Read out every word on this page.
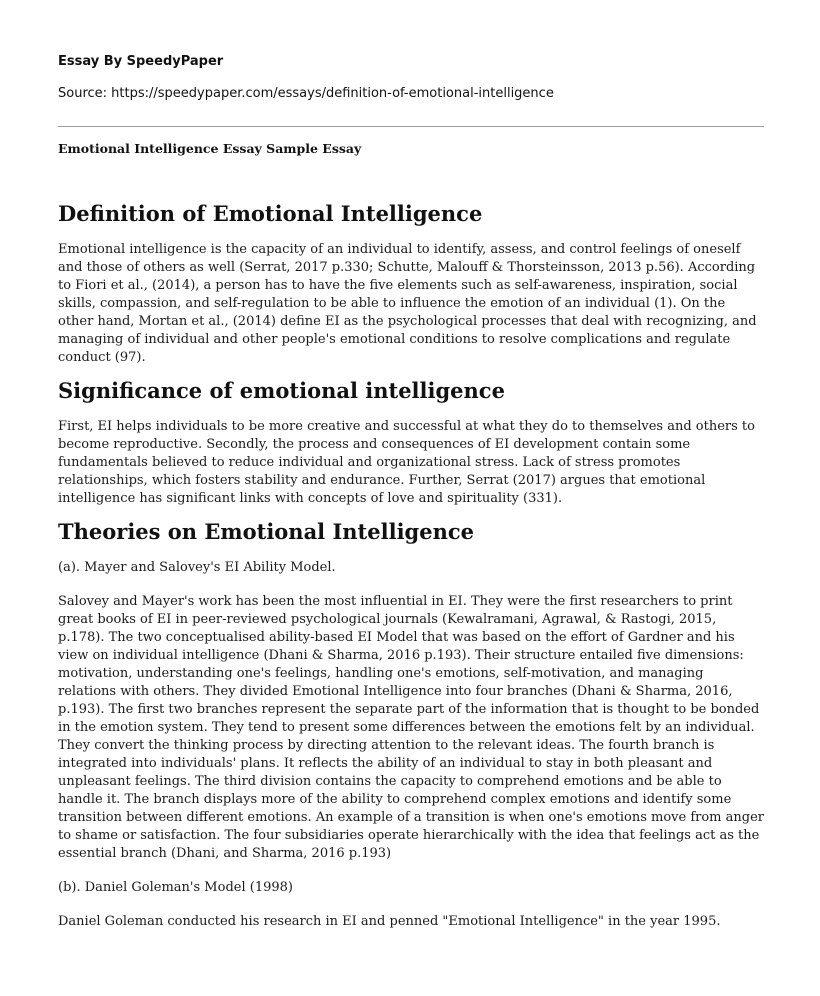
Essay By SpeedyPaper
Source: https://speedypaper.com/essays/definition-of-emotional-intelligence
Emotional Intelligence Essay Sample Essay
Definition of Emotional Intelligence

Emotional intelligence is the capacity of an individual to identify, assess, and control feelings of oneself and those of others as well (Serrat, 2017 p.330; Schutte, Malouff & Thorsteinsson, 2013 p.56). According to Fiori et al., (2014), a person has to have the five elements such as self-awareness, inspiration, social skills, compassion, and self-regulation to be able to influence the emotion of an individual (1). On the other hand, Mortan et al., (2014) define EI as the psychological processes that deal with recognizing, and managing of individual and other people's emotional conditions to resolve complications and regulate conduct (97).

Significance of emotional intelligence

First, EI helps individuals to be more creative and successful at what they do to themselves and others to become reproductive. Secondly, the process and consequences of EI development contain some fundamentals believed to reduce individual and organizational stress. Lack of stress promotes relationships, which fosters stability and endurance. Further, Serrat (2017) argues that emotional intelligence has significant links with concepts of love and spirituality (331).

Theories on Emotional Intelligence

(a). Mayer and Salovey's EI Ability Model.

Salovey and Mayer's work has been the most influential in EI. They were the first researchers to print great books of EI in peer-reviewed psychological journals (Kewalramani, Agrawal, & Rastogi, 2015, p.178). The two conceptualised ability-based EI Model that was based on the effort of Gardner and his view on individual intelligence (Dhani & Sharma, 2016 p.193). Their structure entailed five dimensions: motivation, understanding one's feelings, handling one's emotions, self-motivation, and managing relations with others. They divided Emotional Intelligence into four branches (Dhani & Sharma, 2016, p.193). The first two branches represent the separate part of the information that is thought to be bonded in the emotion system. They tend to present some differences between the emotions felt by an individual. They convert the thinking process by directing attention to the relevant ideas. The fourth branch is integrated into individuals' plans. It reflects the ability of an individual to stay in both pleasant and unpleasant feelings. The third division contains the capacity to comprehend emotions and be able to handle it. The branch displays more of the ability to comprehend complex emotions and identify some transition between different emotions. An example of a transition is when one's emotions move from anger to shame or satisfaction. The four subsidiaries operate hierarchically with the idea that feelings act as the essential branch (Dhani, and Sharma, 2016 p.193)

(b). Daniel Goleman's Model (1998)

Daniel Goleman conducted his research in EI and penned "Emotional Intelligence" in the year 1995.
